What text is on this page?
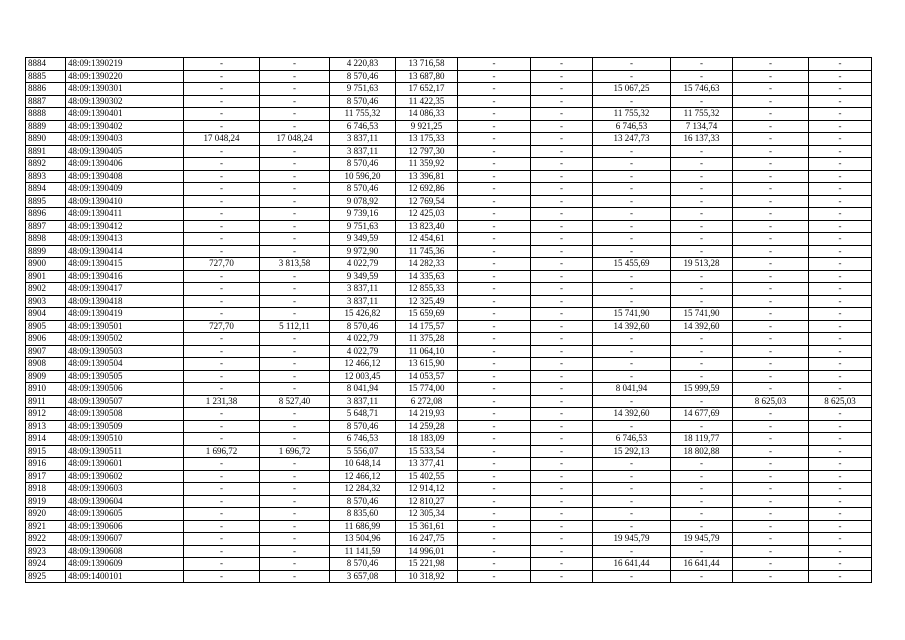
8884	48:09:1390219	-	-	4 220,83	13 716,58	-	-	-	-	-	-
8885	48:09:1390220	-	-	8 570,46	13 687,80	-	-	-	-	-	-
8886	48:09:1390301	-	-	9 751,63	17 652,17	-	-	15 067,25	15 746,63	-	-
8887	48:09:1390302	-	-	8 570,46	11 422,35	-	-	-	-	-	-
8888	48:09:1390401	-	-	11 755,32	14 086,33	-	-	11 755,32	11 755,32	-	-
8889	48:09:1390402	-	-	6 746,53	9 921,25	-	-	6 746,53	7 134,74	-	-
8890	48:09:1390403	17 048,24	17 048,24	3 837,11	13 175,33	-	-	13 247,73	16 137,33	-	-
8891	48:09:1390405	-	-	3 837,11	12 797,30	-	-	-	-	-	-
8892	48:09:1390406	-	-	8 570,46	11 359,92	-	-	-	-	-	-
8893	48:09:1390408	-	-	10 596,20	13 396,81	-	-	-	-	-	-
8894	48:09:1390409	-	-	8 570,46	12 692,86	-	-	-	-	-	-
8895	48:09:1390410	-	-	9 078,92	12 769,54	-	-	-	-	-	-
8896	48:09:1390411	-	-	9 739,16	12 425,03	-	-	-	-	-	-
8897	48:09:1390412	-	-	9 751,63	13 823,40	-	-	-	-	-	-
8898	48:09:1390413	-	-	9 349,59	12 454,61	-	-	-	-	-	-
8899	48:09:1390414	-	-	9 972,90	11 745,36	-	-	-	-	-	-
8900	48:09:1390415	727,70	3 813,58	4 022,79	14 282,33	-	-	15 455,69	19 513,28	-	-
8901	48:09:1390416	-	-	9 349,59	14 335,63	-	-	-	-	-	-
8902	48:09:1390417	-	-	3 837,11	12 855,33	-	-	-	-	-	-
8903	48:09:1390418	-	-	3 837,11	12 325,49	-	-	-	-	-	-
8904	48:09:1390419	-	-	15 426,82	15 659,69	-	-	15 741,90	15 741,90	-	-
8905	48:09:1390501	727,70	5 112,11	8 570,46	14 175,57	-	-	14 392,60	14 392,60	-	-
8906	48:09:1390502	-	-	4 022,79	11 375,28	-	-	-	-	-	-
8907	48:09:1390503	-	-	4 022,79	11 064,10	-	-	-	-	-	-
8908	48:09:1390504	-	-	12 466,12	13 615,90	-	-	-	-	-	-
8909	48:09:1390505	-	-	12 003,45	14 053,57	-	-	-	-	-	-
8910	48:09:1390506	-	-	8 041,94	15 774,00	-	-	8 041,94	15 999,59	-	-
8911	48:09:1390507	1 231,38	8 527,40	3 837,11	6 272,08	-	-	-	-	8 625,03	8 625,03
8912	48:09:1390508	-	-	5 648,71	14 219,93	-	-	14 392,60	14 677,69	-	-
8913	48:09:1390509	-	-	8 570,46	14 259,28	-	-	-	-	-	-
8914	48:09:1390510	-	-	6 746,53	18 183,09	-	-	6 746,53	18 119,77	-	-
8915	48:09:1390511	1 696,72	1 696,72	5 556,07	15 533,54	-	-	15 292,13	18 802,88	-	-
8916	48:09:1390601	-	-	10 648,14	13 377,41	-	-	-	-	-	-
8917	48:09:1390602	-	-	12 466,12	15 402,55	-	-	-	-	-	-
8918	48:09:1390603	-	-	12 284,32	12 914,12	-	-	-	-	-	-
8919	48:09:1390604	-	-	8 570,46	12 810,27	-	-	-	-	-	-
8920	48:09:1390605	-	-	8 835,60	12 305,34	-	-	-	-	-	-
8921	48:09:1390606	-	-	11 686,99	15 361,61	-	-	-	-	-	-
8922	48:09:1390607	-	-	13 504,96	16 247,75	-	-	19 945,79	19 945,79	-	-
8923	48:09:1390608	-	-	11 141,59	14 996,01	-	-	-	-	-	-
8924	48:09:1390609	-	-	8 570,46	15 221,98	-	-	16 641,44	16 641,44	-	-
8925	48:09:1400101	-	-	3 657,08	10 318,92	-	-	-	-	-	-
